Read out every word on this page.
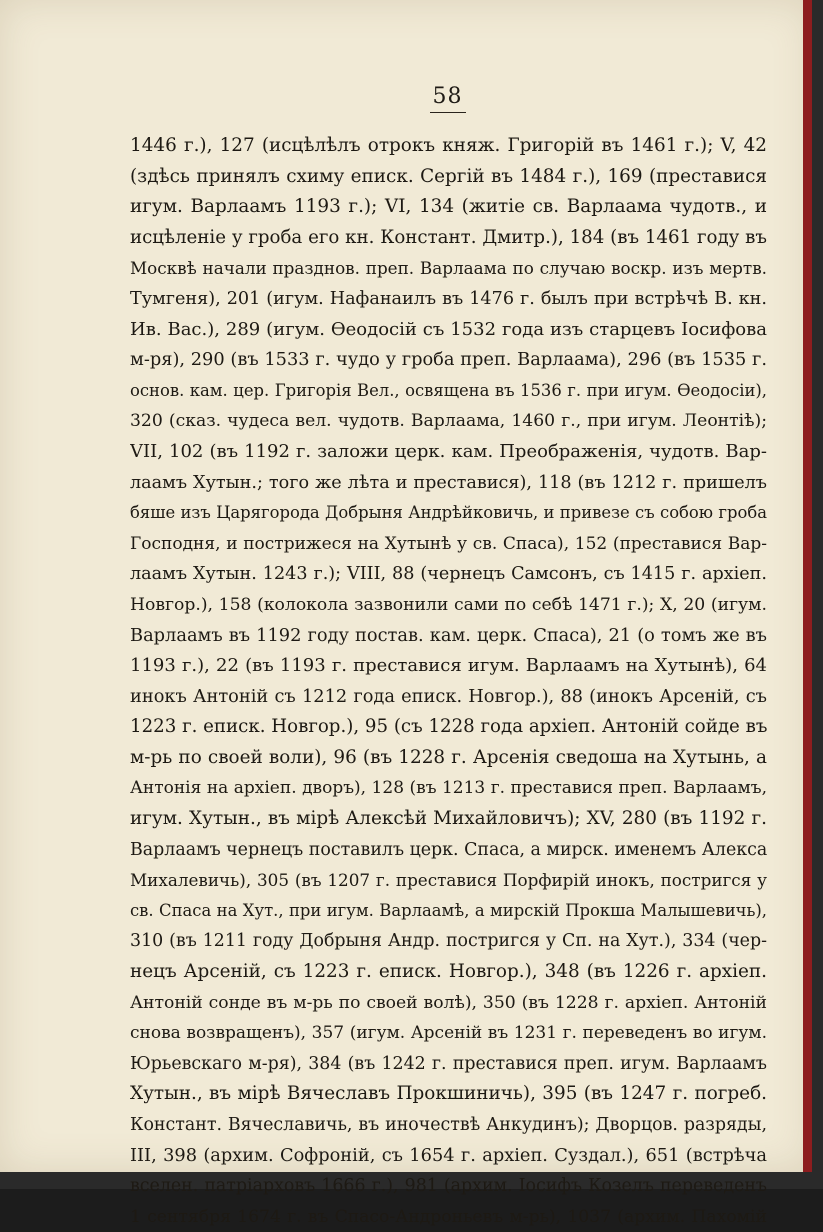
58
1446 г.), 127 (исцѣлѣлъ отрокъ княж. Григорій въ 1461 г.); V, 42
(здѣсь принялъ схиму еписк. Сергій въ 1484 г.), 169 (преставися
игум. Варлаамъ 1193 г.); VI, 134 (житіе св. Варлаама чудотв., и
исцѣленіе у гроба его кн. Констант. Дмитр.), 184 (въ 1461 году въ
Москвѣ начали празднов. преп. Варлаама по случаю воскр. изъ мертв.
Тумгеня), 201 (игум. Нафанаилъ въ 1476 г. былъ при встрѣчѣ В. кн.
Ив. Вас.), 289 (игум. Өеодосій съ 1532 года изъ старцевъ Іосифова
м-ря), 290 (въ 1533 г. чудо у гроба преп. Варлаама), 296 (въ 1535 г.
основ. кам. цер. Григорія Вел., освящена въ 1536 г. при игум. Өеодосіи),
320 (сказ. чудеса вел. чудотв. Варлаама, 1460 г., при игум. Леонтіѣ);
VII, 102 (въ 1192 г. заложи церк. кам. Преображенія, чудотв. Вар-
лаамъ Хутын.; того же лѣта и преставися), 118 (въ 1212 г. пришелъ
бяше изъ Царягорода Добрыня Андрѣйковичь, и привезе съ собою гроба
Господня, и пострижеся на Хутынѣ у св. Спаса), 152 (преставися Вар-
лаамъ Хутын. 1243 г.); VIII, 88 (чернецъ Самсонъ, съ 1415 г. архіеп.
Новгор.), 158 (колокола зазвонили сами по себѣ 1471 г.); X, 20 (игум.
Варлаамъ въ 1192 году постав. кам. церк. Спаса), 21 (о томъ же въ
1193 г.), 22 (въ 1193 г. преставися игум. Варлаамъ на Хутынѣ), 64
инокъ Антоній съ 1212 года еписк. Новгор.), 88 (инокъ Арсеній, съ
1223 г. еписк. Новгор.), 95 (съ 1228 года архіеп. Антоній сойде въ
м-рь по своей воли), 96 (въ 1228 г. Арсенія сведоша на Хутынь, а
Антонія на архіеп. дворъ), 128 (въ 1213 г. преставися преп. Варлаамъ,
игум. Хутын., въ мірѣ Алексѣй Михайловичъ); XV, 280 (въ 1192 г.
Варлаамъ чернецъ поставилъ церк. Спаса, а мирск. именемъ Алекса
Михалевичь), 305 (въ 1207 г. преставися Порфирій инокъ, постригся у
св. Спаса на Хут., при игум. Варлаамѣ, а мирскій Прокша Малышевичь),
310 (въ 1211 году Добрыня Андр. постригся у Сп. на Хут.), 334 (чер-
нецъ Арсеній, съ 1223 г. еписк. Новгор.), 348 (въ 1226 г. архіеп.
Антоній сонде въ м-рь по своей волѣ), 350 (въ 1228 г. архіеп. Антоній
снова возвращенъ), 357 (игум. Арсеній въ 1231 г. переведенъ во игум.
Юрьевскаго м-ря), 384 (въ 1242 г. преставися преп. игум. Варлаамъ
Хутын., въ мірѣ Вячеславъ Прокшиничь), 395 (въ 1247 г. погреб.
Констант. Вячеславичь, въ иночествѣ Анкудинъ); Дворцов. разряды,
III, 398 (архим. Софроній, съ 1654 г. архіеп. Суздал.), 651 (встрѣча
вселен. патріарховъ 1666 г.), 981 (архим. Іосифъ Козелъ переведенъ
1 сентября 1674 г. въ Спасо-Андроньевъ м-рь), 1037 (архим. Пахомій
